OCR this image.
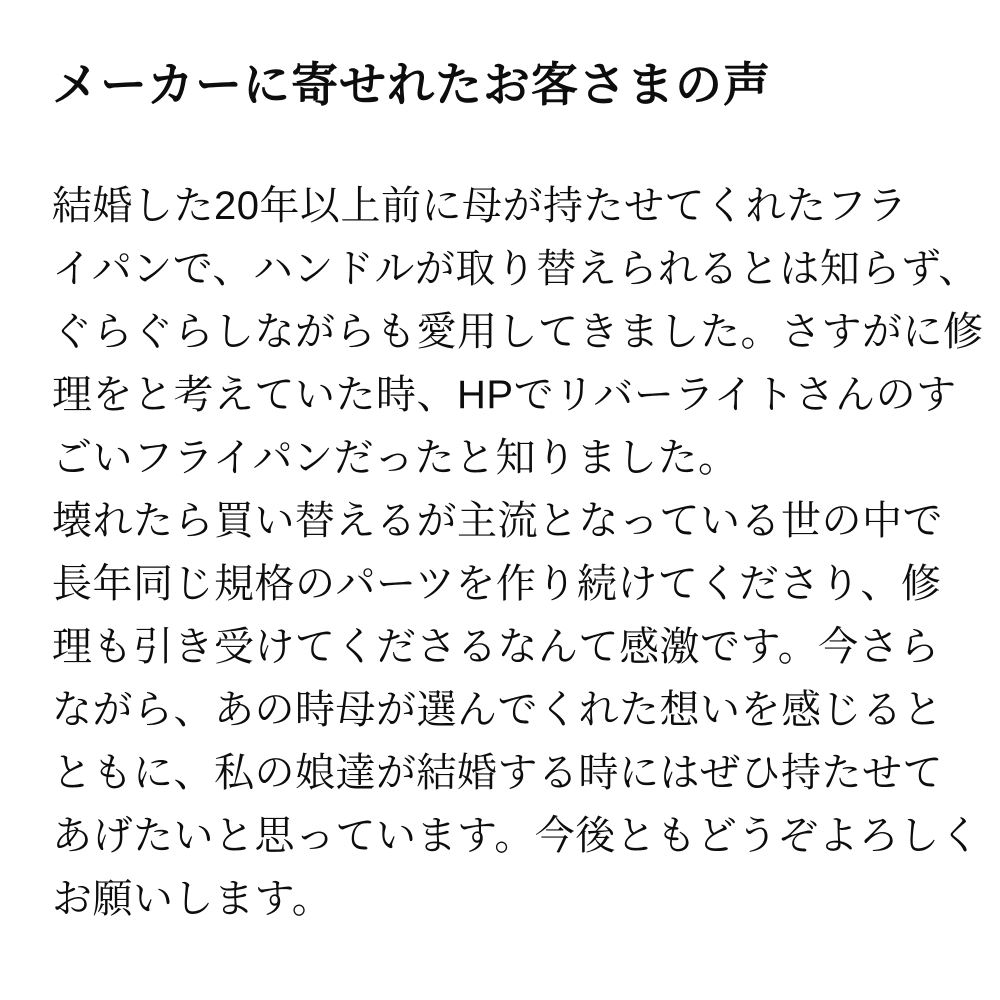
メーカーに寄せれたお客さまの声
結婚した20年以上前に母が持たせてくれたフラ
イパンで、ハンドルが取り替えられるとは知らず、
ぐらぐらしながらも愛用してきました。さすがに修
理をと考えていた時、HPでリバーライトさんのす
ごいフライパンだったと知りました。
壊れたら買い替えるが主流となっている世の中で
長年同じ規格のパーツを作り続けてくださり、修
理も引き受けてくださるなんて感激です。今さら
ながら、あの時母が選んでくれた想いを感じると
ともに、私の娘達が結婚する時にはぜひ持たせて
あげたいと思っています。今後ともどうぞよろしく
お願いします。
